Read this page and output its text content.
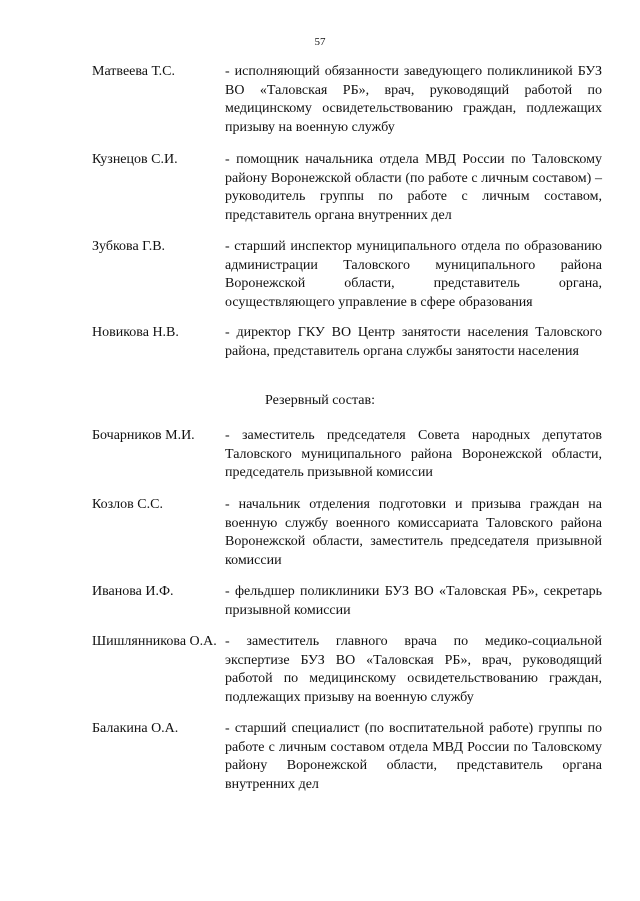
57
Матвеева Т.С.	- исполняющий обязанности заведующего поликлиникой БУЗ ВО «Таловская РБ», врач, руководящий работой по медицинскому освидетельствованию граждан, подлежащих призыву на военную службу
Кузнецов С.И.	- помощник начальника отдела МВД России по Таловскому району Воронежской области (по работе с личным составом) – руководитель группы по работе с личным составом, представитель органа внутренних дел
Зубкова Г.В.	- старший инспектор муниципального отдела по образованию администрации Таловского муниципального района Воронежской области, представитель органа, осуществляющего управление в сфере образования
Новикова Н.В.	- директор ГКУ ВО Центр занятости населения Таловского района, представитель органа службы занятости населения
Резервный состав:
Бочарников М.И.	- заместитель председателя Совета народных депутатов Таловского муниципального района Воронежской области, председатель призывной комиссии
Козлов С.С.	- начальник отделения подготовки и призыва граждан на военную службу военного комиссариата Таловского района Воронежской области, заместитель председателя призывной комиссии
Иванова И.Ф.	- фельдшер поликлиники БУЗ ВО «Таловская РБ», секретарь призывной комиссии
Шишлянникова О.А. - заместитель главного врача по медико-социальной экспертизе БУЗ ВО «Таловская РБ», врач, руководящий работой по медицинскому освидетельствованию граждан, подлежащих призыву на военную службу
Балакина О.А.	- старший специалист (по воспитательной работе) группы по работе с личным составом отдела МВД России по Таловскому району Воронежской области, представитель органа внутренних дел
